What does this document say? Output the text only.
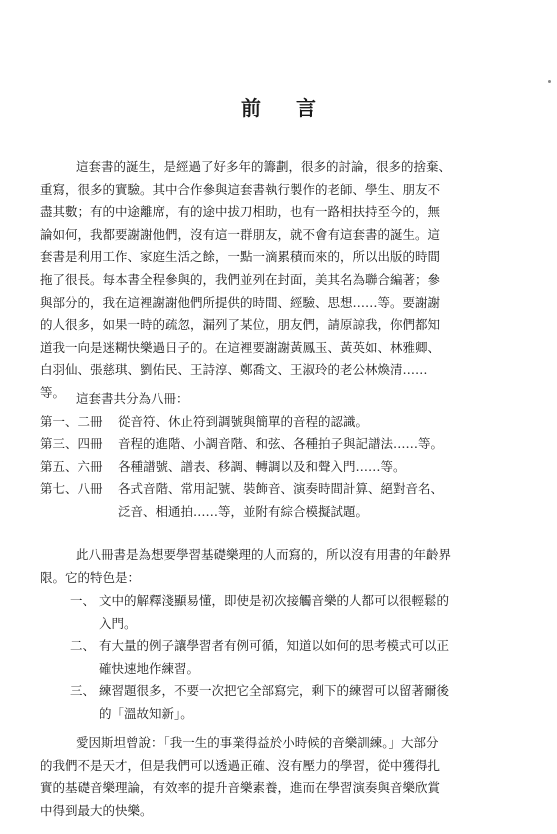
前 言
這套書的誕生，是經過了好多年的籌劃，很多的討論，很多的捨棄、
重寫，很多的實驗。其中合作參與這套書執行製作的老師、學生、朋友不
盡其數；有的中途離席，有的途中拔刀相助，也有一路相扶持至今的，無
論如何，我都要謝謝他們，沒有這一群朋友，就不會有這套書的誕生。這
套書是利用工作、家庭生活之餘，一點一滴累積而來的，所以出版的時間
拖了很長。每本書全程參與的，我們並列在封面，美其名為聯合編著；參
與部分的，我在這裡謝謝他們所提供的時間、經驗、思想……等。要謝謝
的人很多，如果一時的疏忽，漏列了某位，朋友們，請原諒我，你們都知
道我一向是迷糊快樂過日子的。在這裡要謝謝黃鳳玉、黃英如、林雅卿、
白羽仙、張慈琪、劉佑民、王詩淳、鄭喬文、王淑玲的老公林煥清……
等。 這套書共分為八冊：
第一、二冊	從音符、休止符到調號與簡單的音程的認識。
第三、四冊	音程的進階、小調音階、和弦、各種拍子與記譜法……等。
第五、六冊	各種譜號、譜表、移調、轉調以及和聲入門……等。
第七、八冊	各式音階、常用記號、裝飾音、演奏時間計算、絕對音名、
泛音、相通拍……等，並附有綜合模擬試題。
此八冊書是為想要學習基礎樂理的人而寫的，所以沒有用書的年齡界
限。它的特色是：
一、 文中的解釋淺顯易懂，即使是初次接觸音樂的人都可以很輕鬆的
入門。
二、 有大量的例子讓學習者有例可循，知道以如何的思考模式可以正
確快速地作練習。
三、 練習題很多，不要一次把它全部寫完，剩下的練習可以留著爾後
的「溫故知新」。
愛因斯坦曾說：「我一生的事業得益於小時候的音樂訓練。」大部分
的我們不是天才，但是我們可以透過正確、沒有壓力的學習，從中獲得扎
實的基礎音樂理論，有效率的提升音樂素養，進而在學習演奏與音樂欣賞
中得到最大的快樂。
